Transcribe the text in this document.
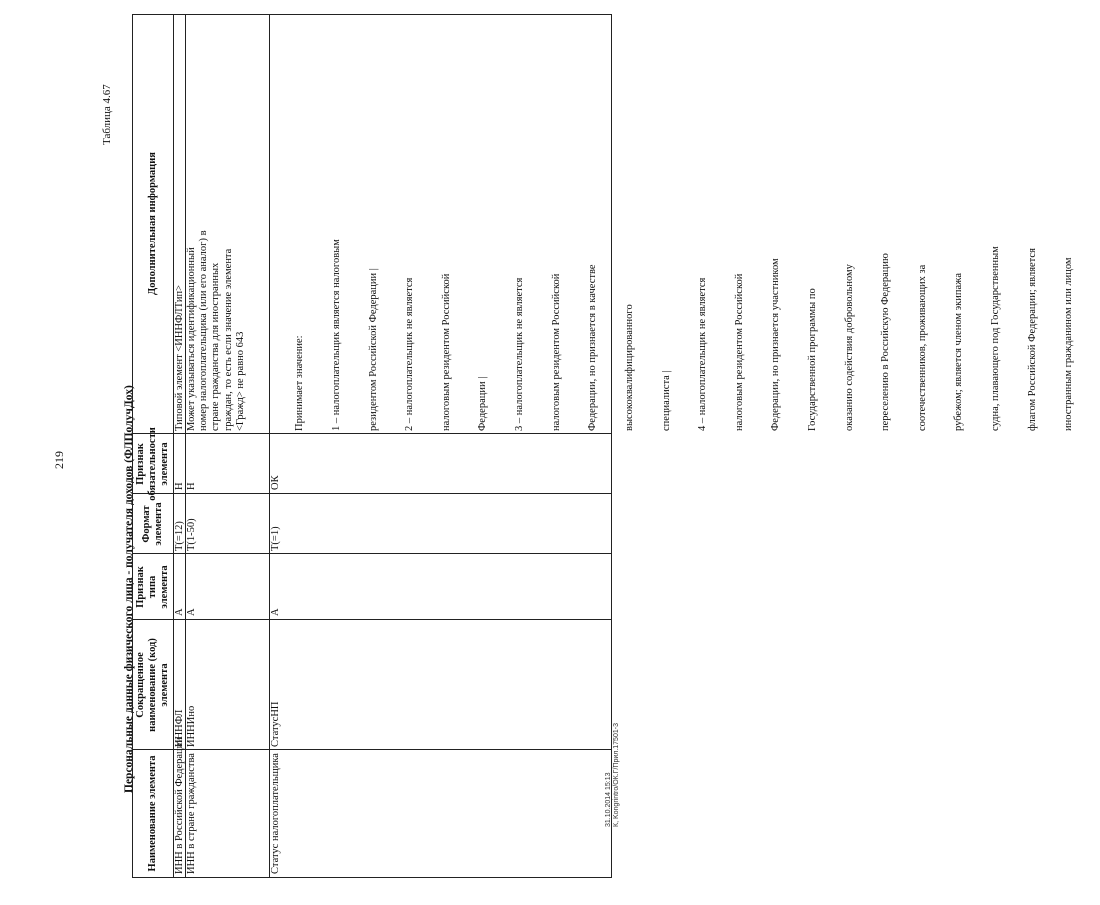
219
Таблица 4.67
Персональные данные физического лица - получателя доходов (ФЛПолучДох)
Наименование элемента
Сокращенное наименование (код) элемента
Признак типа элемента
Формат элемента
Признак обязательности элемента
Дополнительная информация
ИНН в Российской Федерации
ИННФЛ
А
T(=12)
Н
Типовой элемент <ИННФЛТип>
ИНН в стране гражданства
ИННИно
А
T(1-50)
Н
Может указываться идентификационный номер налогоплательщика (или его аналог) в стране гражданства для иностранных граждан, то есть если значение элемента <Гражд> не равно 643
Статус налогоплательщика
СтатусНП
А
T(=1)
ОК

Принимает значение:

1 – налогоплательщик является налоговым

резидентом Российской Федерации |

2 – налогоплательщик не является

налоговым резидентом Российской

Федерации |

3 – налогоплательщик не является

налоговым резидентом Российской

Федерации, но признается в качестве

высококвалифицированного

специалиста |

4 – налогоплательщик не является

налоговым резидентом Российской

Федерации, но признается участником

Государственной программы по

оказанию содействия добровольному

переселению в Российскую Федерацию

соотечественников, проживающих за

рубежом; является членом экипажа

судна, плавающего под Государственным

флагом Российской Федерации; является

иностранным гражданином или лицом

31.10.2014 15:13 К, Kongrintro/ОК.Г/Прил.17501-3
